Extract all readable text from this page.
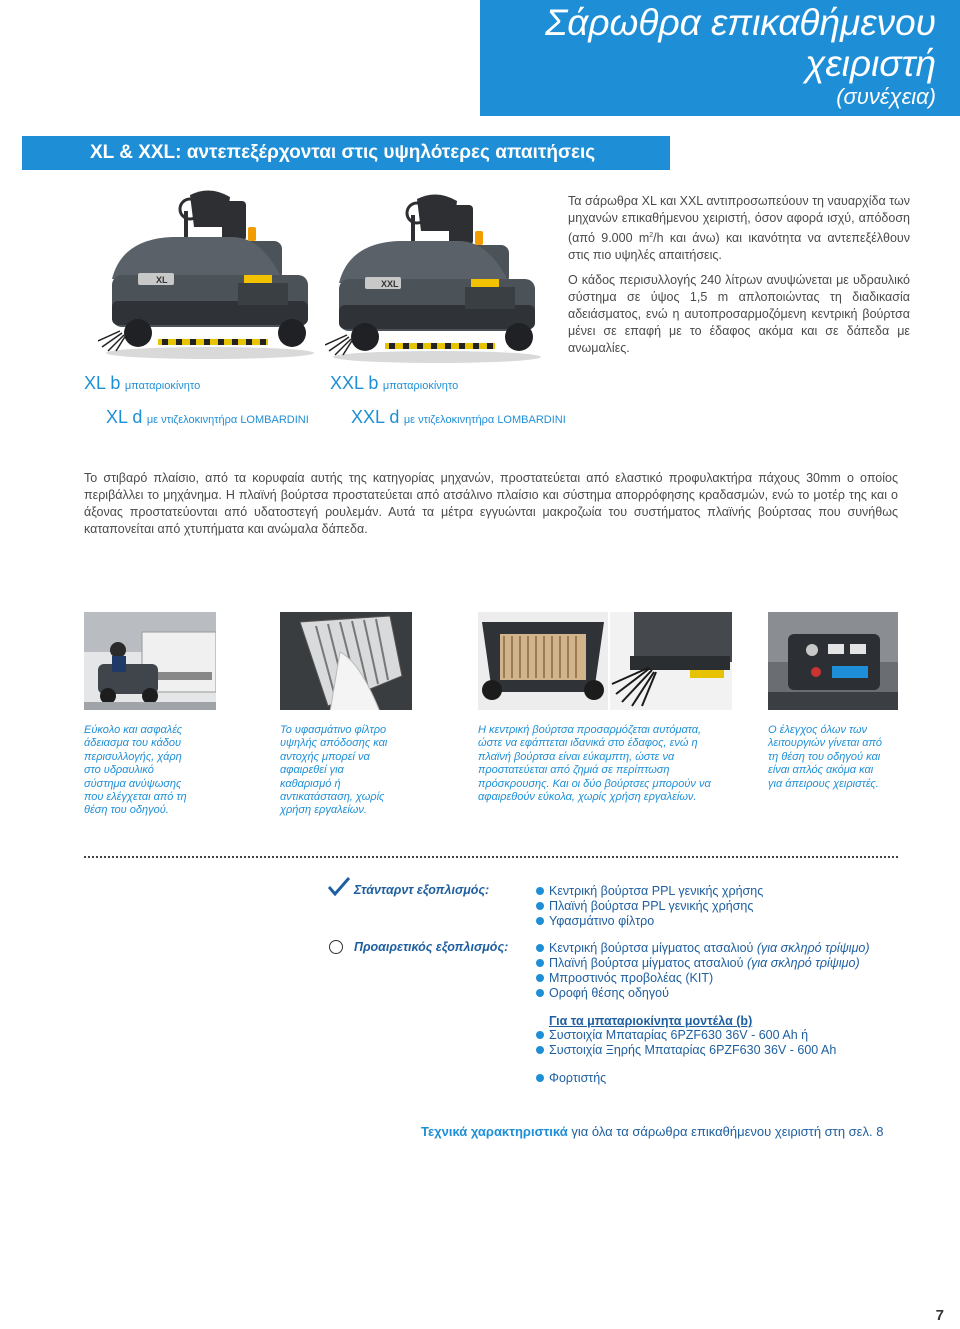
Σάρωθρα επικαθήμενου
χειριστή
(συνέχεια)
XL & XXL: αντεπεξέρχονται στις υψηλότερες απαιτήσεις
XL	XXL
Τα σάρωθρα XL και XXL αντιπροσωπεύουν τη ναυαρχίδα των μηχανών επικαθήμενου χειριστή, όσον αφορά ισχύ, απόδοση (από 9.000 $m^2/h$ και άνω) και ικανότητα να αντεπεξέλθουν στις πιο υψηλές απαιτήσεις.
Ο κάδος περισυλλογής 240 λίτρων ανυψώνεται με υδραυλικό σύστημα σε ύψος 1,5 m απλοποιώντας τη διαδικασία αδειάσματος, ενώ η αυτοπροσαρμοζόμενη κεντρική βούρτσα μένει σε επαφή με το έδαφος ακόμα και σε δάπεδα με ανωμαλίες.
XL b μπαταριοκίνητο	XXL b μπαταριοκίνητο
XL d με ντιζελοκινητήρα LOMBARDINI XXL d με ντιζελοκινητήρα LOMBARDINI
Το στιβαρό πλαίσιο, από τα κορυφαία αυτής της κατηγορίας μηχανών, προστατεύεται από ελαστικό προφυλακτήρα πάχους 30mm ο οποίος περιβάλλει το μηχάνημα. Η πλαϊνή βούρτσα προστατεύεται από ατσάλινο πλαίσιο και σύστημα απορρόφησης κραδασμών, ενώ το μοτέρ της και ο άξονας προστατεύονται από υδατοστεγή ρουλεμάν. Αυτά τα μέτρα εγγυώνται μακροζωία του συστήματος πλαϊνής βούρτσας που συνήθως καταπονείται από χτυπήματα και ανώμαλα δάπεδα.
Εύκολο και ασφαλές άδειασμα του κάδου περισυλλογής, χάρη στο υδραυλικό σύστημα ανύψωσης που ελέγχεται από τη θέση του οδηγού.
Το υφασμάτινο φίλτρο υψηλής απόδοσης και αντοχής μπορεί να αφαιρεθεί για καθαρισμό ή αντικατάσταση, χωρίς χρήση εργαλείων.
Η κεντρική βούρτσα προσαρμόζεται αυτόματα, ώστε να εφάπτεται ιδανικά στο έδαφος, ενώ η πλαϊνή βούρτσα είναι εύκαμπτη, ώστε να προστατεύεται από ζημιά σε περίπτωση πρόσκρουσης. Και οι δύο βούρτσες μπορούν να αφαιρεθούν εύκολα, χωρίς χρήση εργαλείων.
Ο έλεγχος όλων των λειτουργιών γίνεται από τη θέση του οδηγού και είναι απλός ακόμα και για άπειρους χειριστές.
Στάνταρντ εξοπλισμός:	Κεντρική βούρτσα PPL γενικής χρήσης
Πλαϊνή βούρτσα PPL γενικής χρήσης
Υφασμάτινο φίλτρο
Προαιρετικός εξοπλισμός:	Κεντρική βούρτσα μίγματος ατσαλιού (για σκληρό τρίψιμο)
Πλαϊνή βούρτσα μίγματος ατσαλιού (για σκληρό τρίψιμο)
Μπροστινός προβολέας (KIT)
Οροφή θέσης οδηγού
Για τα μπαταριοκίνητα μοντέλα (b)
Συστοιχία Μπαταρίας 6PZF630 36V - 600 Ah ή
Συστοιχία Ξηρής Μπαταρίας 6PZF630 36V - 600 Ah
Φορτιστής
Τεχνικά χαρακτηριστικά για όλα τα σάρωθρα επικαθήμενου χειριστή στη σελ. 8
7
